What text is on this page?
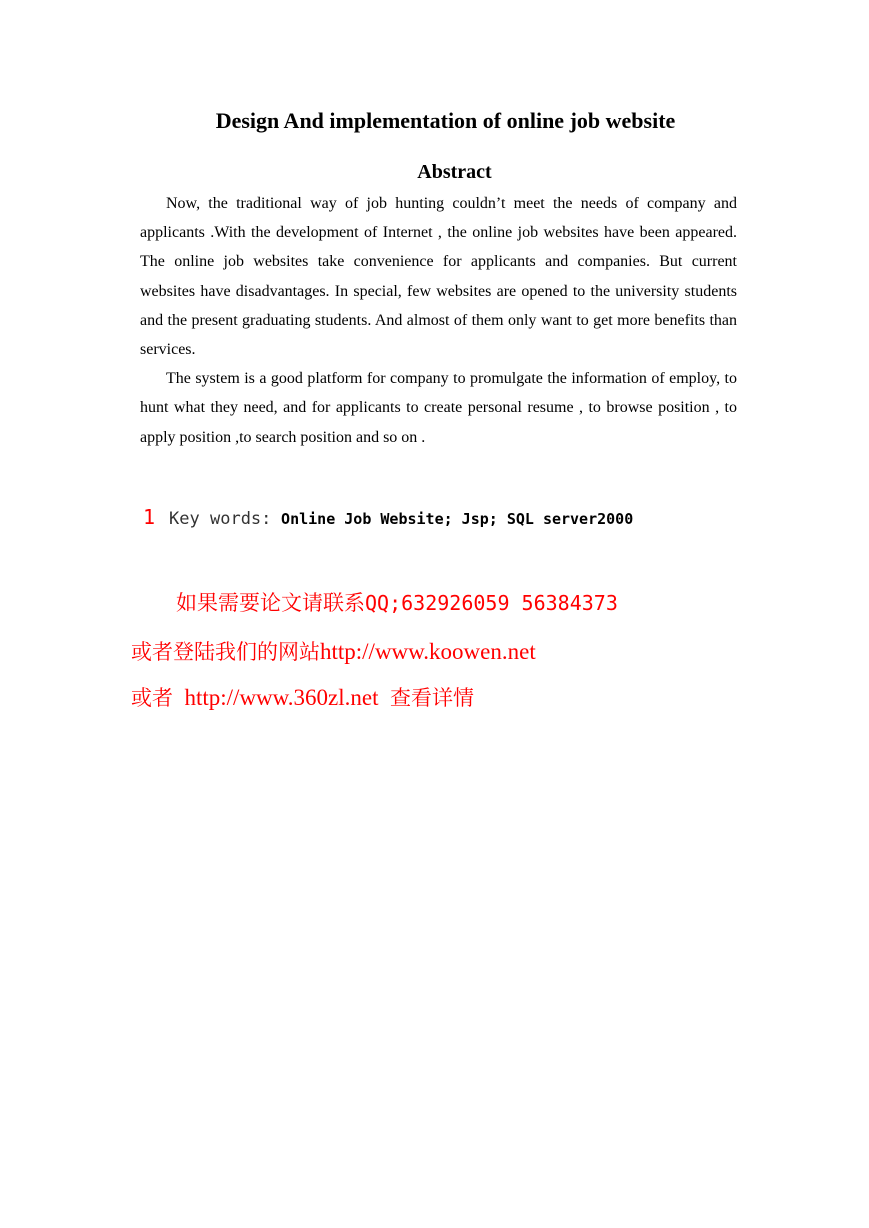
Design And implementation of online job website
Abstract

Now, the traditional way of job hunting couldn’t meet the needs of company and applicants .With the development of Internet , the online job websites have been appeared. The online job websites take convenience for applicants and companies. But current websites have disadvantages. In special, few websites are opened to the university students and the present graduating students. And almost of them only want to get more benefits than services.

The system is a good platform for company to promulgate the information of employ, to hunt what they need, and for applicants to create personal resume , to browse position , to apply position ,to search position and so on .

1 Key words: Online Job Website; Jsp; SQL server2000
如果需要论文请联系QQ;632926059 56384373
或者登陆我们的网站http://www.koowen.net
或者 http://www.360zl.net 查看详情
